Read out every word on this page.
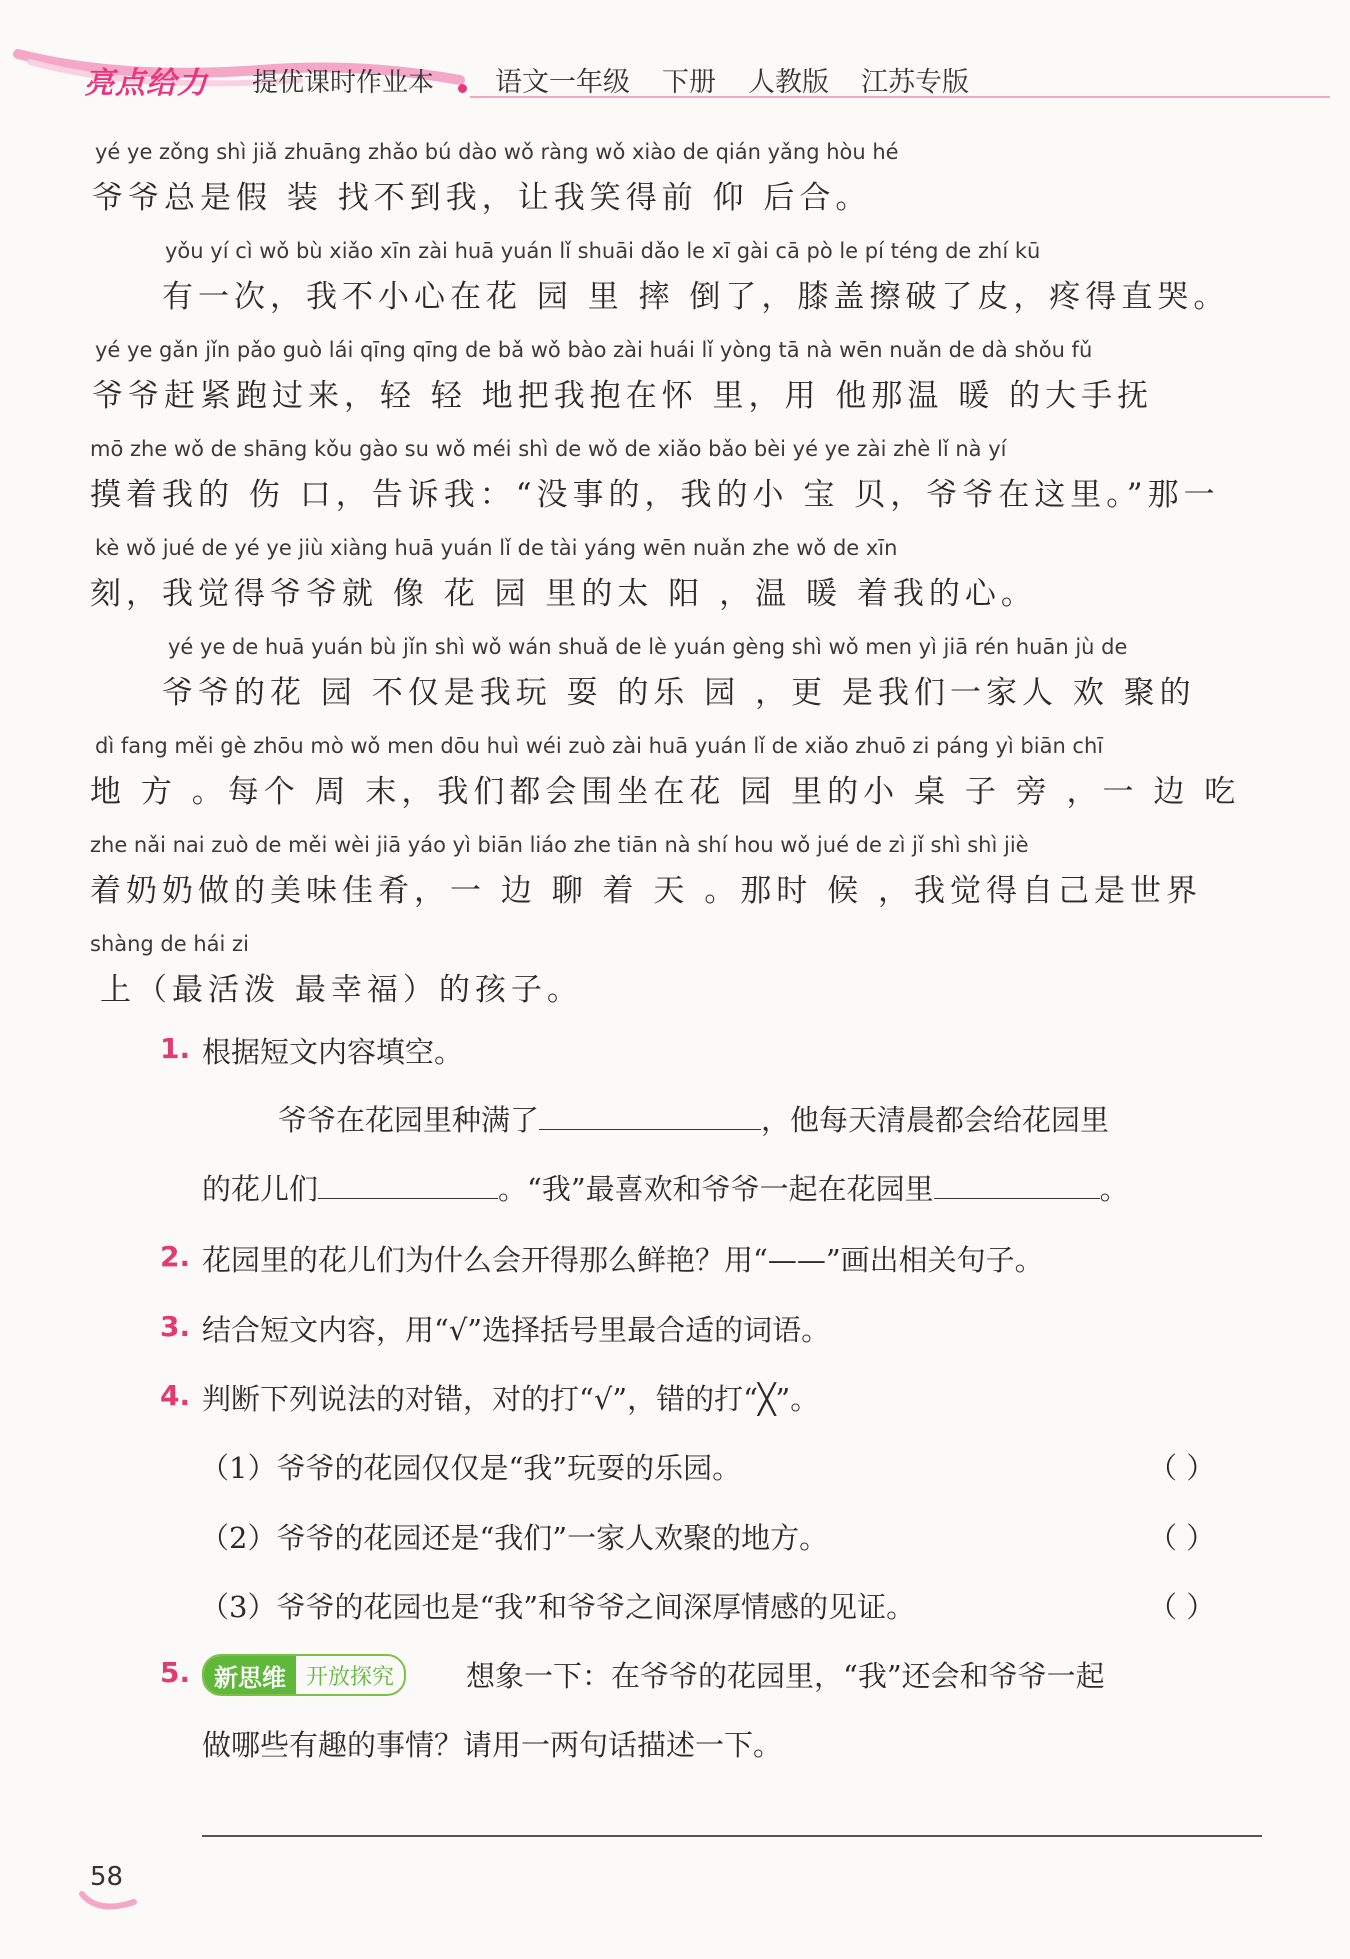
亮点给力 提优课时作业本 语文一年级 下册 人教版 江苏专版
yé ye zǒng shì jiǎ zhuāng zhǎo bú dào wǒ ràng wǒ xiào de qián yǎng hòu hé
爷爷总是假 装 找不到我，让我笑得前 仰 后合。
yǒu yí cì wǒ bù xiǎo xīn zài huā yuán lǐ shuāi dǎo le xī gài cā pò le pí téng de zhí kū
有一次，我不小心在花 园 里 摔 倒了，膝盖擦破了皮，疼得直哭。
yé ye gǎn jǐn pǎo guò lái qīng qīng de bǎ wǒ bào zài huái lǐ yòng tā nà wēn nuǎn de dà shǒu fǔ
爷爷赶紧跑过来，轻 轻 地把我抱在怀 里，用 他那温 暖 的大手抚
mō zhe wǒ de shāng kǒu gào su wǒ méi shì de wǒ de xiǎo bǎo bèi yé ye zài zhè lǐ nà yí
摸着我的 伤 口，告诉我：“没事的，我的小 宝 贝，爷爷在这里。”那一
kè wǒ jué de yé ye jiù xiàng huā yuán lǐ de tài yáng wēn nuǎn zhe wǒ de xīn
刻，我觉得爷爷就 像 花 园 里的太 阳 ，温 暖 着我的心。
yé ye de huā yuán bù jǐn shì wǒ wán shuǎ de lè yuán gèng shì wǒ men yì jiā rén huān jù de
爷爷的花 园 不仅是我玩 耍 的乐 园 ，更 是我们一家人 欢 聚的
dì fang měi gè zhōu mò wǒ men dōu huì wéi zuò zài huā yuán lǐ de xiǎo zhuō zi páng yì biān chī
地 方 。每个 周 末，我们都会围坐在花 园 里的小 桌 子 旁 ，一 边 吃
zhe nǎi nai zuò de měi wèi jiā yáo yì biān liáo zhe tiān nà shí hou wǒ jué de zì jǐ shì shì jiè
着奶奶做的美味佳肴，一 边 聊 着 天 。那时 候 ，我觉得自己是世界
shàng de hái zi
上（最活泼 最幸福）的孩子。
1. 根据短文内容填空。
爷爷在花园里种满了	，他每天清晨都会给花园里
的花儿们	。“我”最喜欢和爷爷一起在花园里	。
2. 花园里的花儿们为什么会开得那么鲜艳？用“——”画出相关句子。
3. 结合短文内容，用“√”选择括号里最合适的词语。
4. 判断下列说法的对错，对的打“√”，错的打“╳”。
（1）爷爷的花园仅仅是“我”玩耍的乐园。	（ ）
（2）爷爷的花园还是“我们”一家人欢聚的地方。	（ ）
（3）爷爷的花园也是“我”和爷爷之间深厚情感的见证。	（ ）
5. 新思维 开放探究	想象一下：在爷爷的花园里，“我”还会和爷爷一起
做哪些有趣的事情？请用一两句话描述一下。
58
